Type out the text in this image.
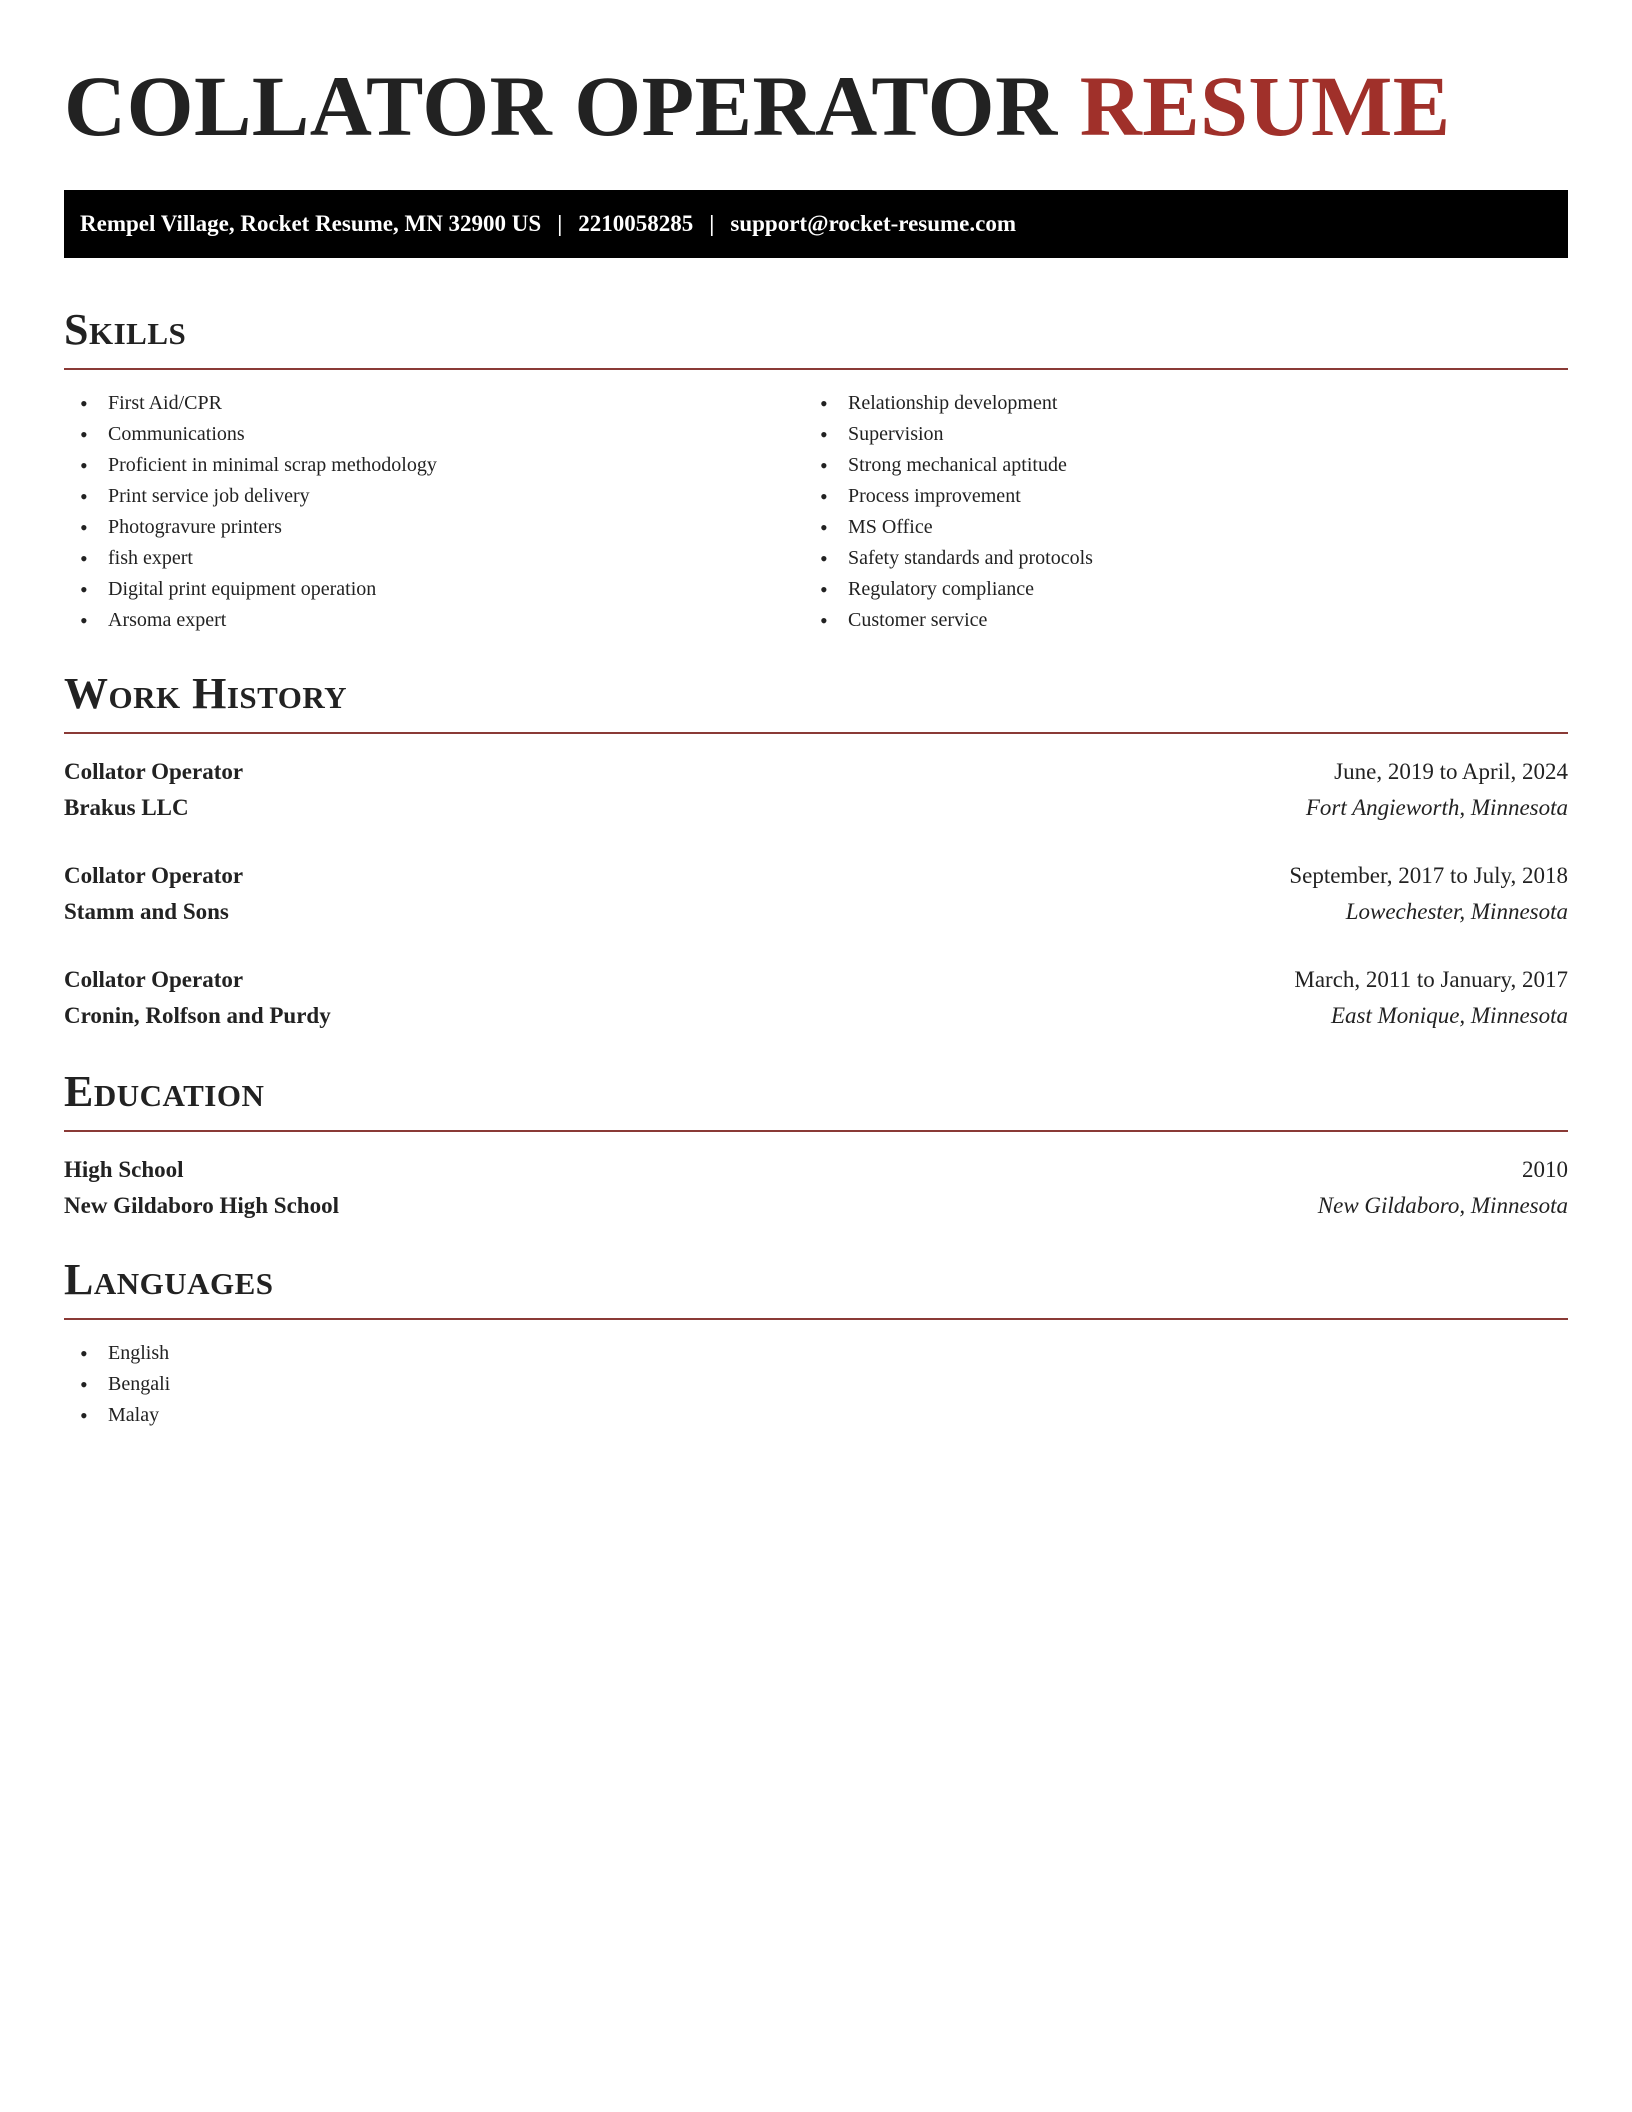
COLLATOR OPERATOR RESUME
Rempel Village, Rocket Resume, MN 32900 US | 2210058285 | support@rocket-resume.com
Skills
• First Aid/CPR
• Communications
• Proficient in minimal scrap methodology
• Print service job delivery
• Photogravure printers
• fish expert
• Digital print equipment operation
• Arsoma expert
• Relationship development
• Supervision
• Strong mechanical aptitude
• Process improvement
• MS Office
• Safety standards and protocols
• Regulatory compliance
• Customer service
Work History
Collator Operator	June, 2019 to April, 2024
Brakus LLC	Fort Angieworth, Minnesota
Collator Operator	September, 2017 to July, 2018
Stamm and Sons	Lowechester, Minnesota
Collator Operator	March, 2011 to January, 2017
Cronin, Rolfson and Purdy	East Monique, Minnesota
Education
High School	2010
New Gildaboro High School	New Gildaboro, Minnesota
Languages
• English
• Bengali
• Malay
